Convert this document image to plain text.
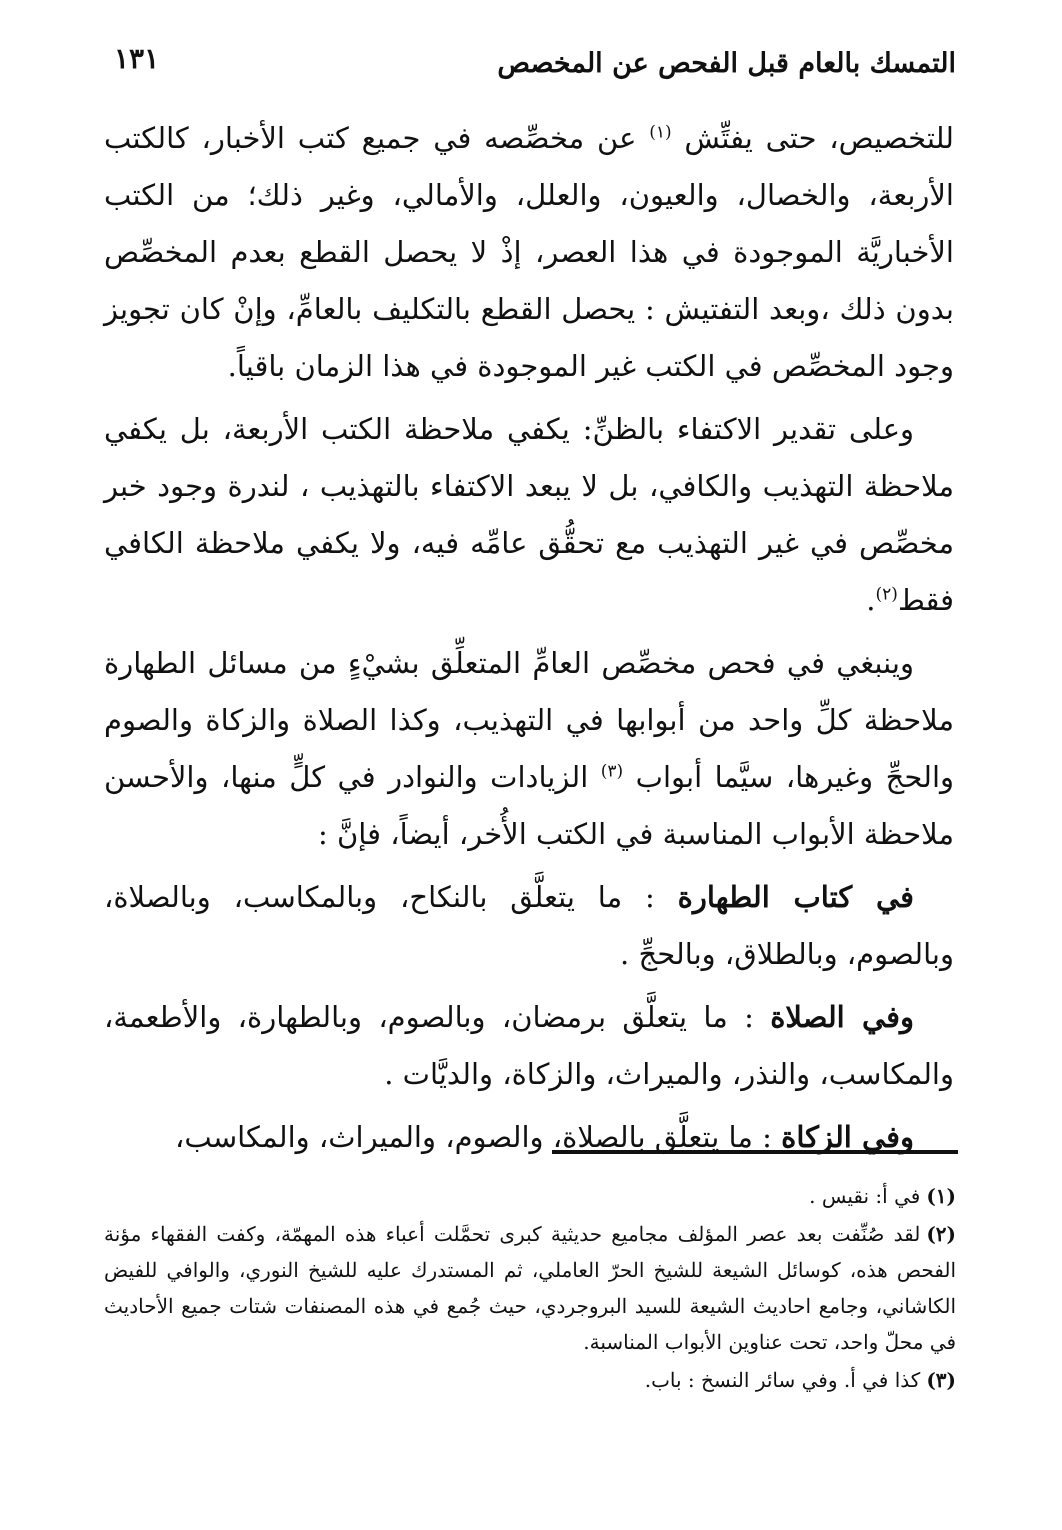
التمسك بالعام قبل الفحص عن المخصص
١٣١

للتخصيص، حتى يفتِّش $^{(١)}$ عن مخصِّصه في جميع كتب الأخبار، كالكتب الأربعة، والخصال، والعيون، والعلل، والأمالي، وغير ذلك؛ من الكتب الأخباريَّة الموجودة في هذا العصر، إذْ لا يحصل القطع بعدم المخصِّص بدون ذلك ،وبعد التفتيش : يحصل القطع بالتكليف بالعامِّ، وإنْ كان تجويز وجود المخصِّص في الكتب غير الموجودة في هذا الزمان باقياً.

وعلى تقدير الاكتفاء بالظنِّ: يكفي ملاحظة الكتب الأربعة، بل يكفي ملاحظة التهذيب والكافي، بل لا يبعد الاكتفاء بالتهذيب ، لندرة وجود خبر مخصِّص في غير التهذيب مع تحقُّق عامِّه فيه، ولا يكفي ملاحظة الكافي فقط$^{(٢)}$.

وينبغي في فحص مخصِّص العامِّ المتعلِّق بشيْءٍ من مسائل الطهارة ملاحظة كلِّ واحد من أبوابها في التهذيب، وكذا الصلاة والزكاة والصوم والحجِّ وغيرها، سيَّما أبواب $^{(٣)}$ الزيادات والنوادر في كلٍّ منها، والأحسن ملاحظة الأبواب المناسبة في الكتب الأُخر، أيضاً، فإنَّ :

في كتاب الطهارة : ما يتعلَّق بالنكاح، وبالمكاسب، وبالصلاة، وبالصوم، وبالطلاق، وبالحجِّ .

وفي الصلاة : ما يتعلَّق برمضان، وبالصوم، وبالطهارة، والأطعمة، والمكاسب، والنذر، والميراث، والزكاة، والديَّات .

وفي الزكاة : ما يتعلَّق بالصلاة، والصوم، والميراث، والمكاسب،

(١)في أ: نقيس .

(٢)لقد صُنِّفت بعد عصر المؤلف مجاميع حديثية كبرى تحمَّلت أعباء هذه المهمّة، وكفت الفقهاء مؤنة الفحص هذه، كوسائل الشيعة للشيخ الحرّ العاملي، ثم المستدرك عليه للشيخ النوري، والوافي للفيض الكاشاني، وجامع احاديث الشيعة للسيد البروجردي، حيث جُمع في هذه المصنفات شتات جميع الأحاديث في محلّ واحد، تحت عناوين الأبواب المناسبة.

(٣)كذا في أ. وفي سائر النسخ : باب.
